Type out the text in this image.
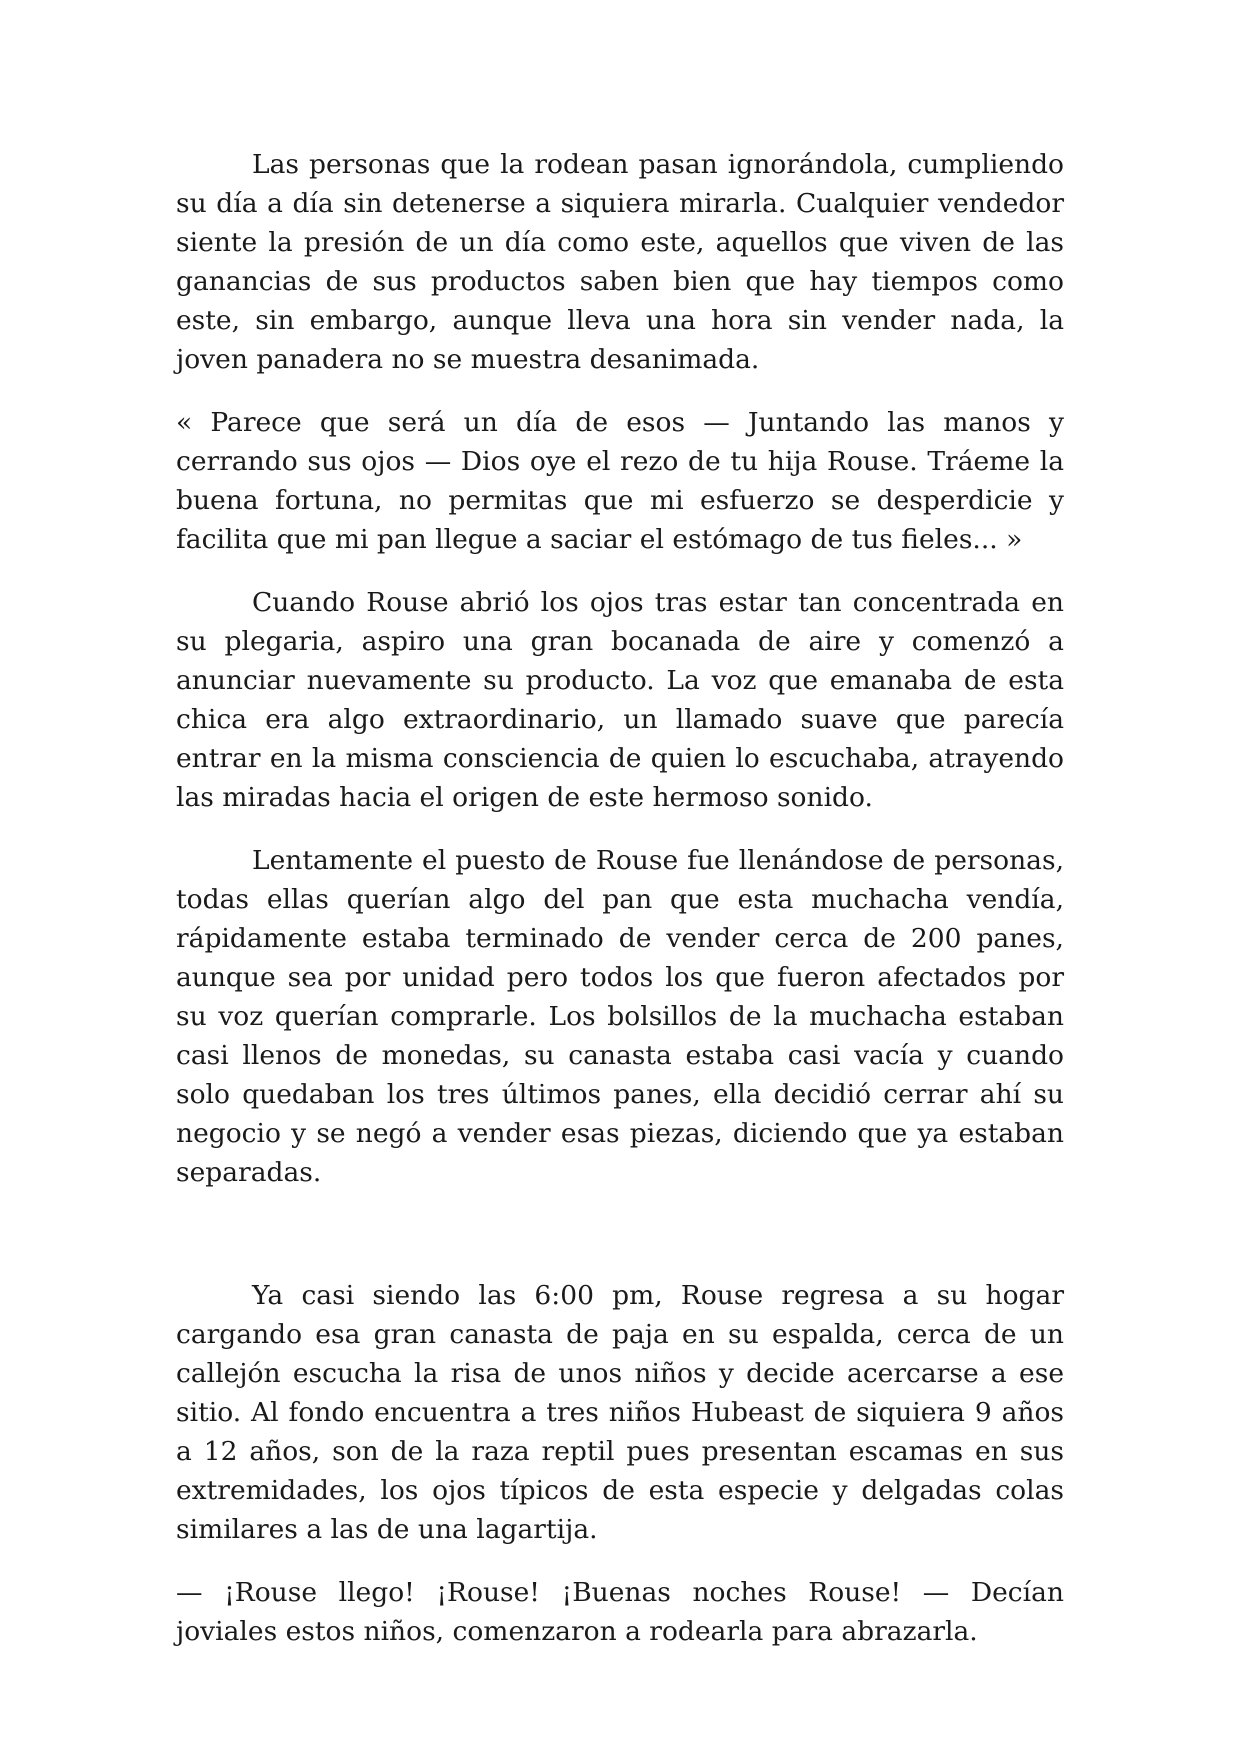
Las personas que la rodean pasan ignorándola, cumpliendo su día a día sin detenerse a siquiera mirarla. Cualquier vendedor siente la presión de un día como este, aquellos que viven de las ganancias de sus productos saben bien que hay tiempos como este, sin embargo, aunque lleva una hora sin vender nada, la joven panadera no se muestra desanimada.

« Parece que será un día de esos — Juntando las manos y cerrando sus ojos — Dios oye el rezo de tu hija Rouse. Tráeme la buena fortuna, no permitas que mi esfuerzo se desperdicie y facilita que mi pan llegue a saciar el estómago de tus fieles... »

Cuando Rouse abrió los ojos tras estar tan concentrada en su plegaria, aspiro una gran bocanada de aire y comenzó a anunciar nuevamente su producto. La voz que emanaba de esta chica era algo extraordinario, un llamado suave que parecía entrar en la misma consciencia de quien lo escuchaba, atrayendo las miradas hacia el origen de este hermoso sonido.

Lentamente el puesto de Rouse fue llenándose de personas, todas ellas querían algo del pan que esta muchacha vendía, rápidamente estaba terminado de vender cerca de 200 panes, aunque sea por unidad pero todos los que fueron afectados por su voz querían comprarle. Los bolsillos de la muchacha estaban casi llenos de monedas, su canasta estaba casi vacía y cuando solo quedaban los tres últimos panes, ella decidió cerrar ahí su negocio y se negó a vender esas piezas, diciendo que ya estaban separadas.

Ya casi siendo las 6:00 pm, Rouse regresa a su hogar cargando esa gran canasta de paja en su espalda, cerca de un callejón escucha la risa de unos niños y decide acercarse a ese sitio. Al fondo encuentra a tres niños Hubeast de siquiera 9 años a 12 años, son de la raza reptil pues presentan escamas en sus extremidades, los ojos típicos de esta especie y delgadas colas similares a las de una lagartija.

— ¡Rouse llego! ¡Rouse! ¡Buenas noches Rouse! — Decían joviales estos niños, comenzaron a rodearla para abrazarla.
